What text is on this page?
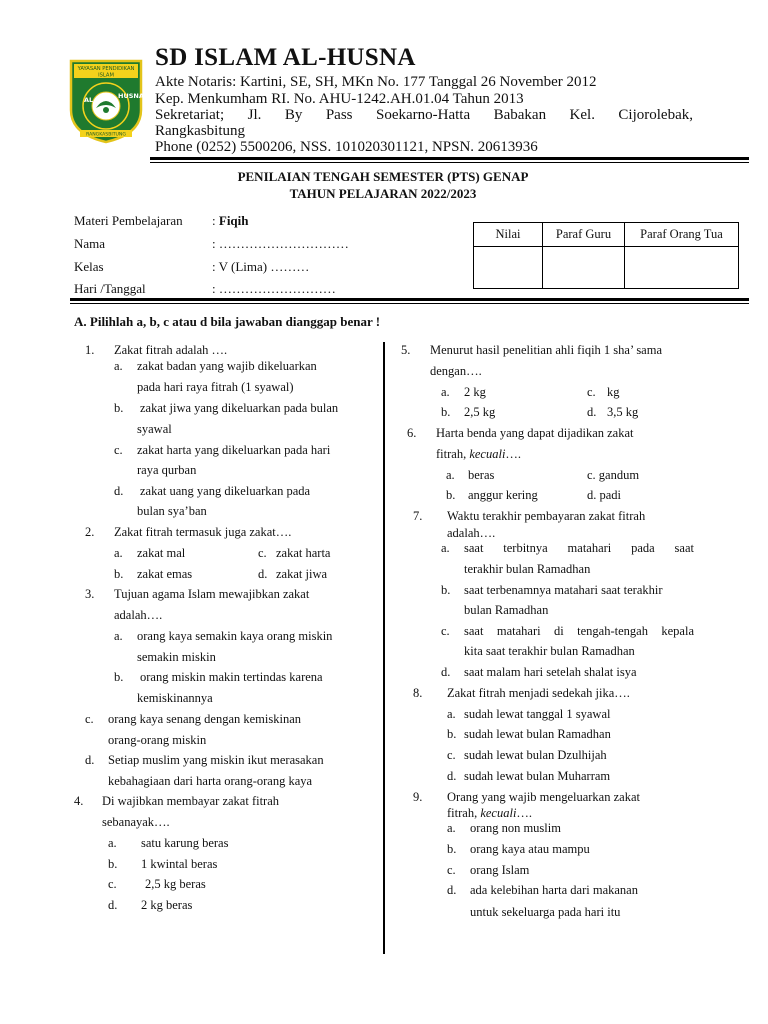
YAYASAN PENDIDIKAN
ISLAM
AL	HUSNA
RANGKASBITUNG
SD ISLAM AL-HUSNA
Akte Notaris: Kartini, SE, SH, MKn No. 177 Tanggal 26 November 2012
Kep. Menkumham RI. No. AHU-1242.AH.01.04 Tahun 2013
Sekretariat; Jl. By Pass Soekarno-Hatta Babakan Kel. Cijorolebak,
Rangkasbitung
Phone (0252) 5500206, NSS. 101020301121, NPSN. 20613936
PENILAIAN TENGAH SEMESTER (PTS) GENAP
TAHUN PELAJARAN 2022/2023
Materi Pembelajaran : Fiqih
Nama	: …………………………
Kelas	: V (Lima) ………
Hari /Tanggal	: ………………………
Nilai	Paraf Guru	Paraf Orang Tua

A. Pilihlah a, b, c atau d bila jawaban dianggap benar !
1. Zakat fitrah adalah ….
a. zakat badan yang wajib dikeluarkan
pada hari raya fitrah (1 syawal)
b. zakat jiwa yang dikeluarkan pada bulan
syawal
c. zakat harta yang dikeluarkan pada hari
raya qurban
d. zakat uang yang dikeluarkan pada
bulan sya’ban
2. Zakat fitrah termasuk juga zakat….
a. zakat mal	c. zakat harta
b. zakat emas	d. zakat jiwa
3. Tujuan agama Islam mewajibkan zakat
adalah….
a. orang kaya semakin kaya orang miskin
semakin miskin
b. orang miskin makin tertindas karena
kemiskinannya
c. orang kaya senang dengan kemiskinan
orang-orang miskin
d. Setiap muslim yang miskin ikut merasakan
kebahagiaan dari harta orang-orang kaya
4. Di wajibkan membayar zakat fitrah
sebanayak….
a. satu karung beras
b. 1 kwintal beras
c. 2,5 kg beras
d. 2 kg beras
5. Menurut hasil penelitian ahli fiqih 1 sha’ sama
dengan….
a. 2 kg	c. kg
b. 2,5 kg	d. 3,5 kg
6. Harta benda yang dapat dijadikan zakat
fitrah, kecuali….
a. beras	c. gandum
b. anggur kering	d. padi
7. Waktu terakhir pembayaran zakat fitrah
adalah….
a. saat terbitnya matahari pada saat
terakhir bulan Ramadhan
b. saat terbenamnya matahari saat terakhir
bulan Ramadhan
c. saat matahari di tengah-tengah kepala
kita saat terakhir bulan Ramadhan
d. saat malam hari setelah shalat isya
8. Zakat fitrah menjadi sedekah jika….
a. sudah lewat tanggal 1 syawal
b. sudah lewat bulan Ramadhan
c. sudah lewat bulan Dzulhijah
d. sudah lewat bulan Muharram
9. Orang yang wajib mengeluarkan zakat
fitrah, kecuali….
a. orang non muslim
b. orang kaya atau mampu
c. orang Islam
d. ada kelebihan harta dari makanan
untuk sekeluarga pada hari itu
